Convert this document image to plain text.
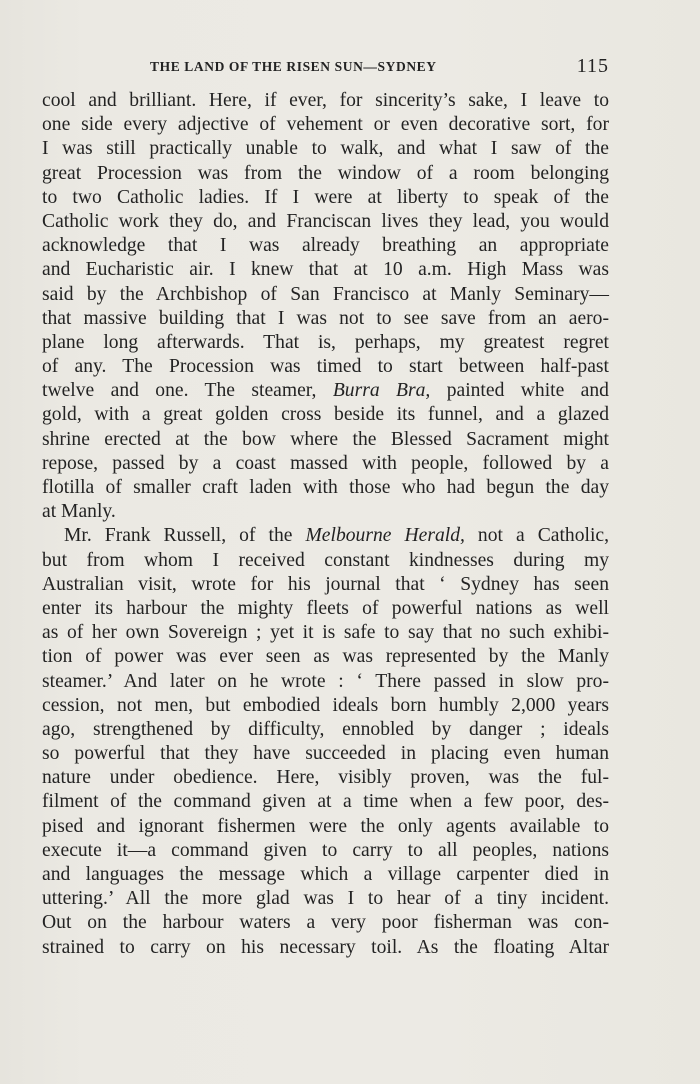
THE LAND OF THE RISEN SUN—SYDNEY	115
cool and brilliant. Here, if ever, for sincerity’s sake, I leave to
one side every adjective of vehement or even decorative sort, for
I was still practically unable to walk, and what I saw of the
great Procession was from the window of a room belonging
to two Catholic ladies. If I were at liberty to speak of the
Catholic work they do, and Franciscan lives they lead, you would
acknowledge that I was already breathing an appropriate
and Eucharistic air. I knew that at 10 a.m. High Mass was
said by the Archbishop of San Francisco at Manly Seminary—
that massive building that I was not to see save from an aero-
plane long afterwards. That is, perhaps, my greatest regret
of any. The Procession was timed to start between half-past
twelve and one. The steamer, Burra Bra, painted white and
gold, with a great golden cross beside its funnel, and a glazed
shrine erected at the bow where the Blessed Sacrament might
repose, passed by a coast massed with people, followed by a
flotilla of smaller craft laden with those who had begun the day
at Manly.
Mr. Frank Russell, of the Melbourne Herald, not a Catholic,
but from whom I received constant kindnesses during my
Australian visit, wrote for his journal that ‘ Sydney has seen
enter its harbour the mighty fleets of powerful nations as well
as of her own Sovereign ; yet it is safe to say that no such exhibi-
tion of power was ever seen as was represented by the Manly
steamer.’ And later on he wrote : ‘ There passed in slow pro-
cession, not men, but embodied ideals born humbly 2,000 years
ago, strengthened by difficulty, ennobled by danger ; ideals
so powerful that they have succeeded in placing even human
nature under obedience. Here, visibly proven, was the ful-
filment of the command given at a time when a few poor, des-
pised and ignorant fishermen were the only agents available to
execute it—a command given to carry to all peoples, nations
and languages the message which a village carpenter died in
uttering.’ All the more glad was I to hear of a tiny incident.
Out on the harbour waters a very poor fisherman was con-
strained to carry on his necessary toil. As the floating Altar
